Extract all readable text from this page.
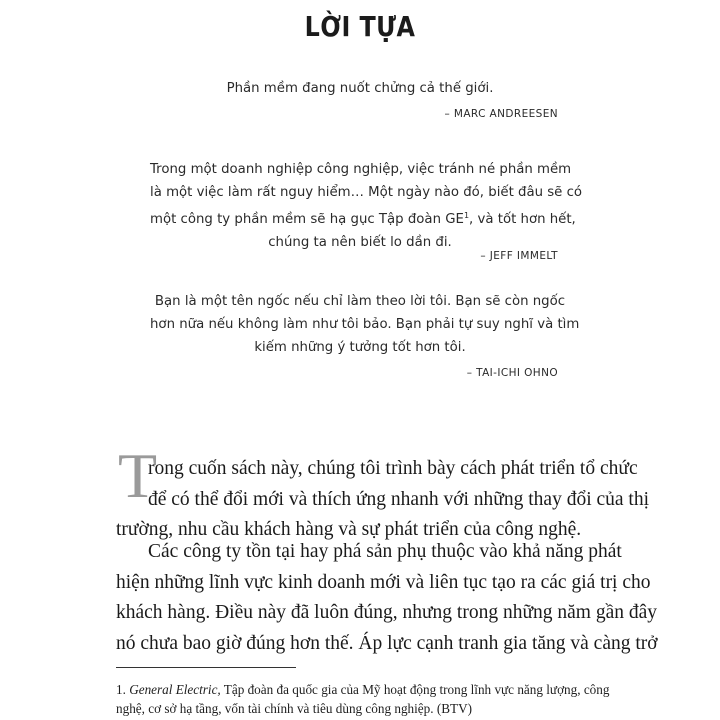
LỜI TỰA
Phần mềm đang nuốt chửng cả thế giới.
– MARC ANDREESEN
Trong một doanh nghiệp công nghiệp, việc tránh né phần mềm
là một việc làm rất nguy hiểm… Một ngày nào đó, biết đâu sẽ có
một công ty phần mềm sẽ hạ gục Tập đoàn $GE^1$, và tốt hơn hết,
chúng ta nên biết lo dần đi.
– JEFF IMMELT
Bạn là một tên ngốc nếu chỉ làm theo lời tôi. Bạn sẽ còn ngốc
hơn nữa nếu không làm như tôi bảo. Bạn phải tự suy nghĩ và tìm
kiếm những ý tưởng tốt hơn tôi.
– TAI-ICHI OHNO
T
rong cuốn sách này, chúng tôi trình bày cách phát triển tổ chức
để có thể đổi mới và thích ứng nhanh với những thay đổi của thị
trường, nhu cầu khách hàng và sự phát triển của công nghệ.
Các công ty tồn tại hay phá sản phụ thuộc vào khả năng phát
hiện những lĩnh vực kinh doanh mới và liên tục tạo ra các giá trị cho
khách hàng. Điều này đã luôn đúng, nhưng trong những năm gần đây
nó chưa bao giờ đúng hơn thế. Áp lực cạnh tranh gia tăng và càng trở
1. General Electric, Tập đoàn đa quốc gia của Mỹ hoạt động trong lĩnh vực năng lượng, công
nghệ, cơ sở hạ tầng, vốn tài chính và tiêu dùng công nghiệp. (BTV)
